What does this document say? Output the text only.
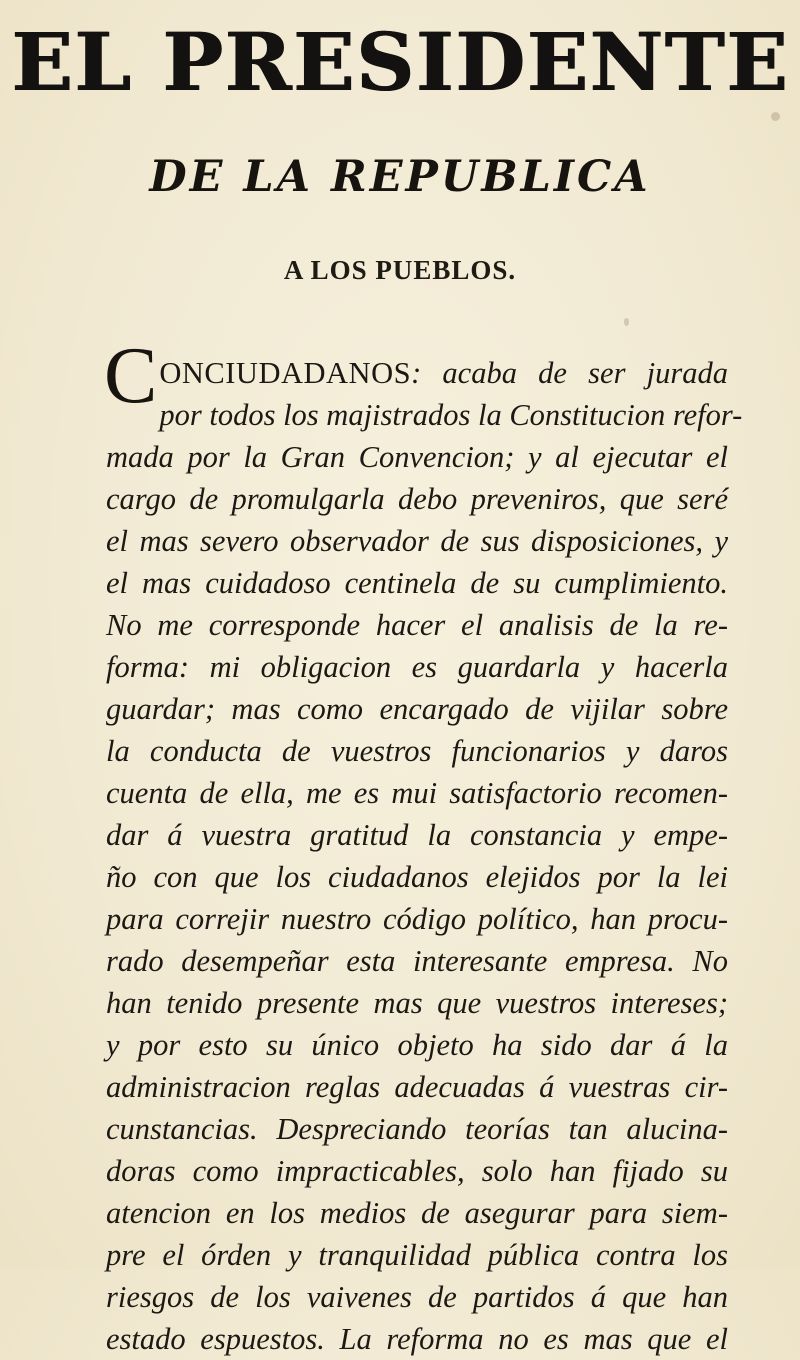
EL PRESIDENTE
DE LA REPUBLICA
A LOS PUEBLOS.
C ONCIUDADANOS: acaba de ser jurada
por todos los majistrados la Constitucion refor-
mada por la Gran Convencion; y al ejecutar el
cargo de promulgarla debo preveniros, que seré
el mas severo observador de sus disposiciones, y
el mas cuidadoso centinela de su cumplimiento.
No me corresponde hacer el analisis de la re-
forma: mi obligacion es guardarla y hacerla
guardar; mas como encargado de vijilar sobre
la conducta de vuestros funcionarios y daros
cuenta de ella, me es mui satisfactorio recomen-
dar á vuestra gratitud la constancia y empe-
ño con que los ciudadanos elejidos por la lei
para correjir nuestro código político, han procu-
rado desempeñar esta interesante empresa. No
han tenido presente mas que vuestros intereses;
y por esto su único objeto ha sido dar á la
administracion reglas adecuadas á vuestras cir-
cunstancias. Despreciando teorías tan alucina-
doras como impracticables, solo han fijado su
atencion en los medios de asegurar para siem-
pre el órden y tranquilidad pública contra los
riesgos de los vaivenes de partidos á que han
estado espuestos. La reforma no es mas que el
